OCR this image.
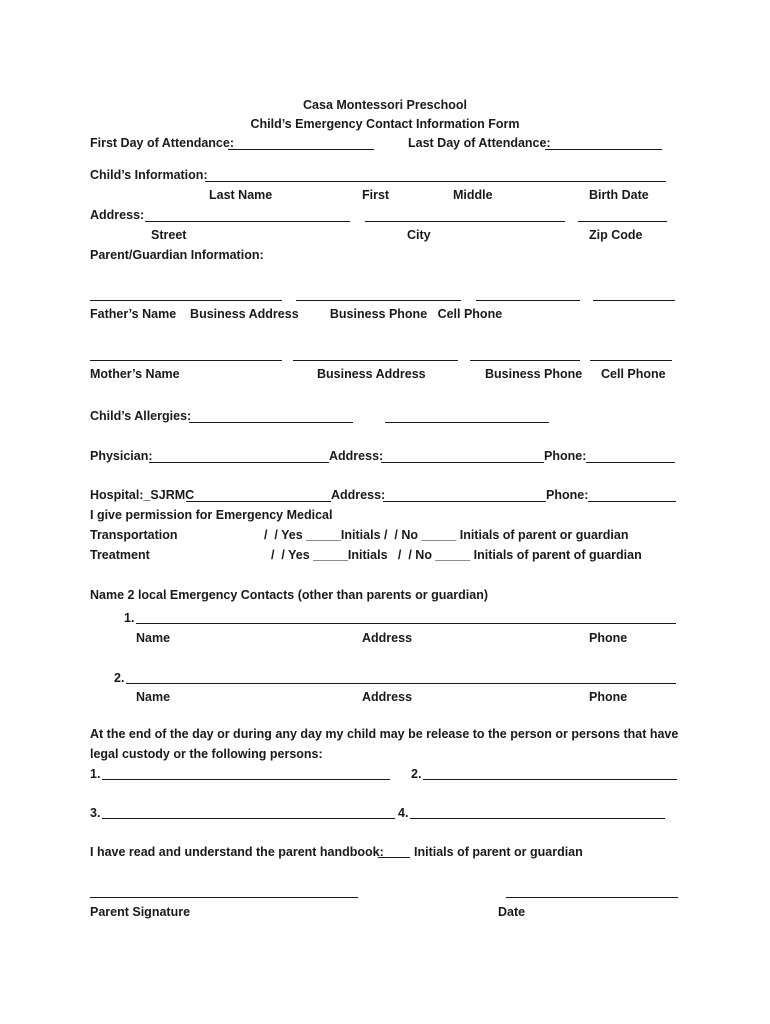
Casa Montessori Preschool
Child’s Emergency Contact Information Form
First Day of Attendance:	Last Day of Attendance:
Child’s Information:
Last Name	First	Middle	Birth Date
Address:
Street	City	Zip Code
Parent/Guardian Information:
Father’s Name    Business Address         Business Phone   Cell Phone
Mother’s Name	Business Address	Business Phone Cell Phone
Child’s Allergies:
Physician:	Address:	Phone:
Hospital:_SJRMC	Address:	Phone:
I give permission for Emergency Medical
Transportation	/  / Yes _____Initials /  / No _____ Initials of parent or guardian
Treatment	/  / Yes _____Initials   /  / No _____ Initials of parent of guardian
Name 2 local Emergency Contacts (other than parents or guardian)
1.
Name	Address	Phone
2.
Name	Address	Phone
At the end of the day or during any day my child may be release to the person or persons that have
legal custody or the following persons:
1.	2.
3.	4.
I have read and understand the parent handbook: Initials of parent or guardian
Parent Signature	Date
